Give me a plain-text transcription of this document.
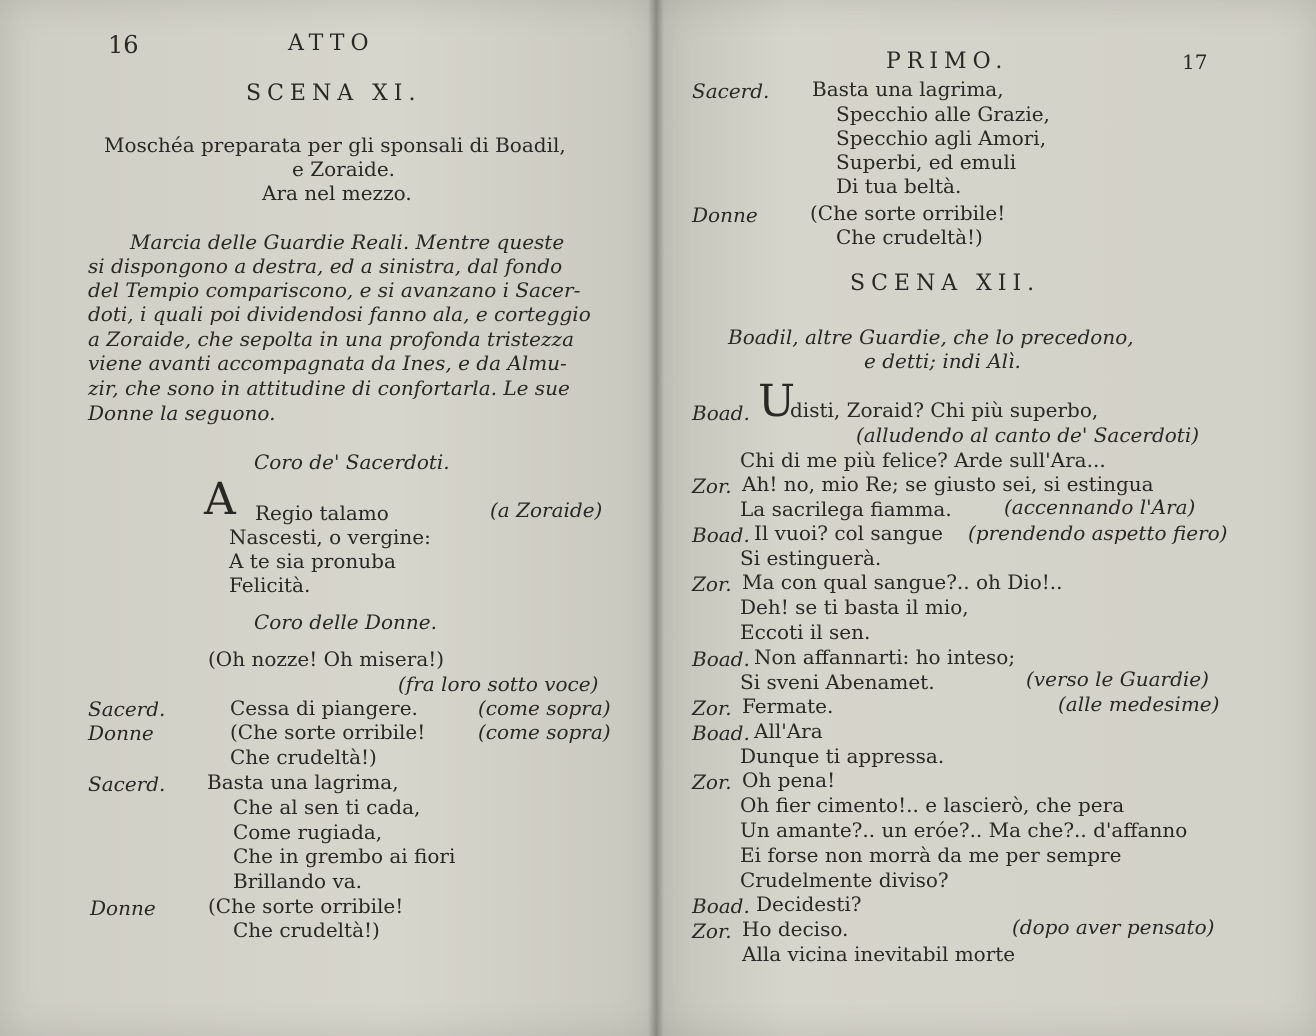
16	ATTO
SCENA XI.
Moschéa preparata per gli sponsali di Boadil,
e Zoraide.
Ara nel mezzo.
Marcia delle Guardie Reali. Mentre queste
si dispongono a destra, ed a sinistra, dal fondo
del Tempio compariscono, e si avanzano i Sacer-
doti, i quali poi dividendosi fanno ala, e corteggio
a Zoraide, che sepolta in una profonda tristezza
viene avanti accompagnata da Ines, e da Almu-
zir, che sono in attitudine di confortarla. Le sue
Donne la seguono.
Coro de' Sacerdoti.
A Regio talamo	(a Zoraide)
Nascesti, o vergine:
A te sia pronuba
Felicità.
Coro delle Donne.
(Oh nozze! Oh misera!)
(fra loro sotto voce)
Sacerd.	Cessa di piangere.	(come sopra)
Donne	(Che sorte orribile!	(come sopra)
Che crudeltà!)
Sacerd. Basta una lagrima,
Che al sen ti cada,
Come rugiada,
Che in grembo ai fiori
Brillando va.
Donne	(Che sorte orribile!
Che crudeltà!)
PRIMO.	17
Sacerd. Basta una lagrima,
Specchio alle Grazie,
Specchio agli Amori,
Superbi, ed emuli
Di tua beltà.
Donne	(Che sorte orribile!
Che crudeltà!)
SCENA XII.
Boadil, altre Guardie, che lo precedono,
e detti; indi Alì.
Boad. U
disti, Zoraid? Chi più superbo,
(alludendo al canto de' Sacerdoti)
Chi di me più felice? Arde sull'Ara...
Zor. Ah! no, mio Re; se giusto sei, si estingua
La sacrilega fiamma.	(accennando l'Ara)
Boad. Il vuoi? col sangue (prendendo aspetto fiero)
Si estinguerà.
Zor. Ma con qual sangue?.. oh Dio!..
Deh! se ti basta il mio,
Eccoti il sen.
Boad. Non affannarti: ho inteso;
Si sveni Abenamet.	(verso le Guardie)
Zor. Fermate.	(alle medesime)
Boad. All'Ara
Dunque ti appressa.
Zor. Oh pena!
Oh fier cimento!.. e lascierò, che pera
Un amante?.. un eróe?.. Ma che?.. d'affanno
Ei forse non morrà da me per sempre
Crudelmente diviso?
Boad. Decidesti?
Zor. Ho deciso.	(dopo aver pensato)
Alla vicina inevitabil morte
